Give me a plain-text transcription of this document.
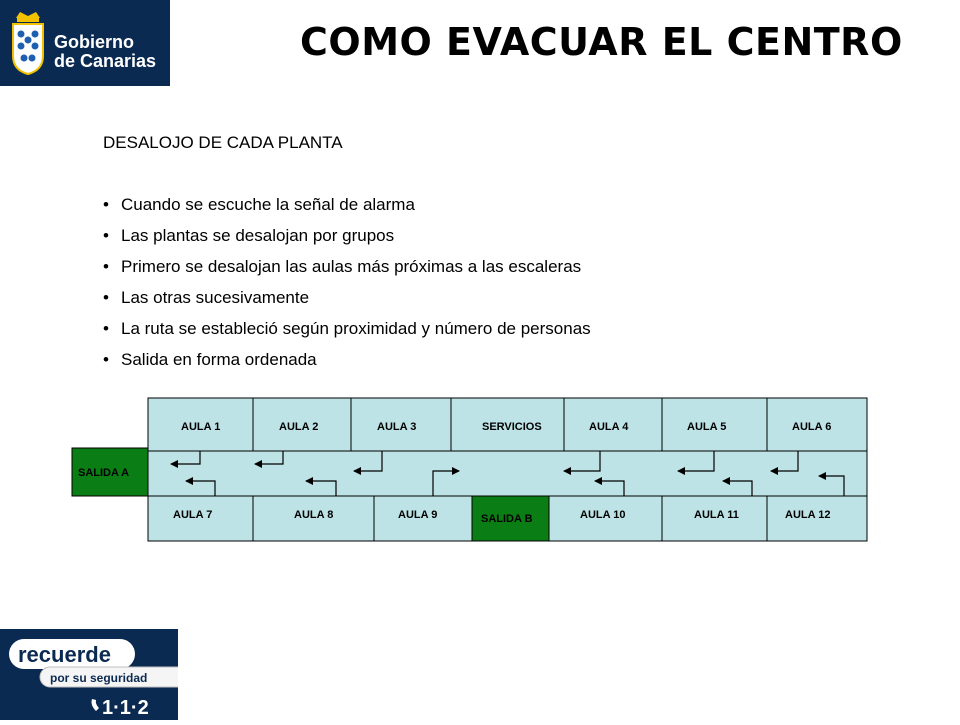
Gobierno
de Canarias	COMO EVACUAR EL CENTRO
DESALOJO DE CADA PLANTA
• Cuando se escuche la señal de alarma
• Las plantas se desalojan por grupos
• Primero se desalojan las aulas más próximas a las escaleras
• Las otras sucesivamente
• La ruta se estableció según proximidad y número de personas
• Salida en forma ordenada
AULA 1	AULA 2	AULA 3	SERVICIOS	AULA 4	AULA 5	AULA 6
SALIDA A
AULA 7	AULA 8	AULA 9	SALIDA B	AULA 10	AULA 11	AULA 12
recuerde
por su seguridad
1·1·2
